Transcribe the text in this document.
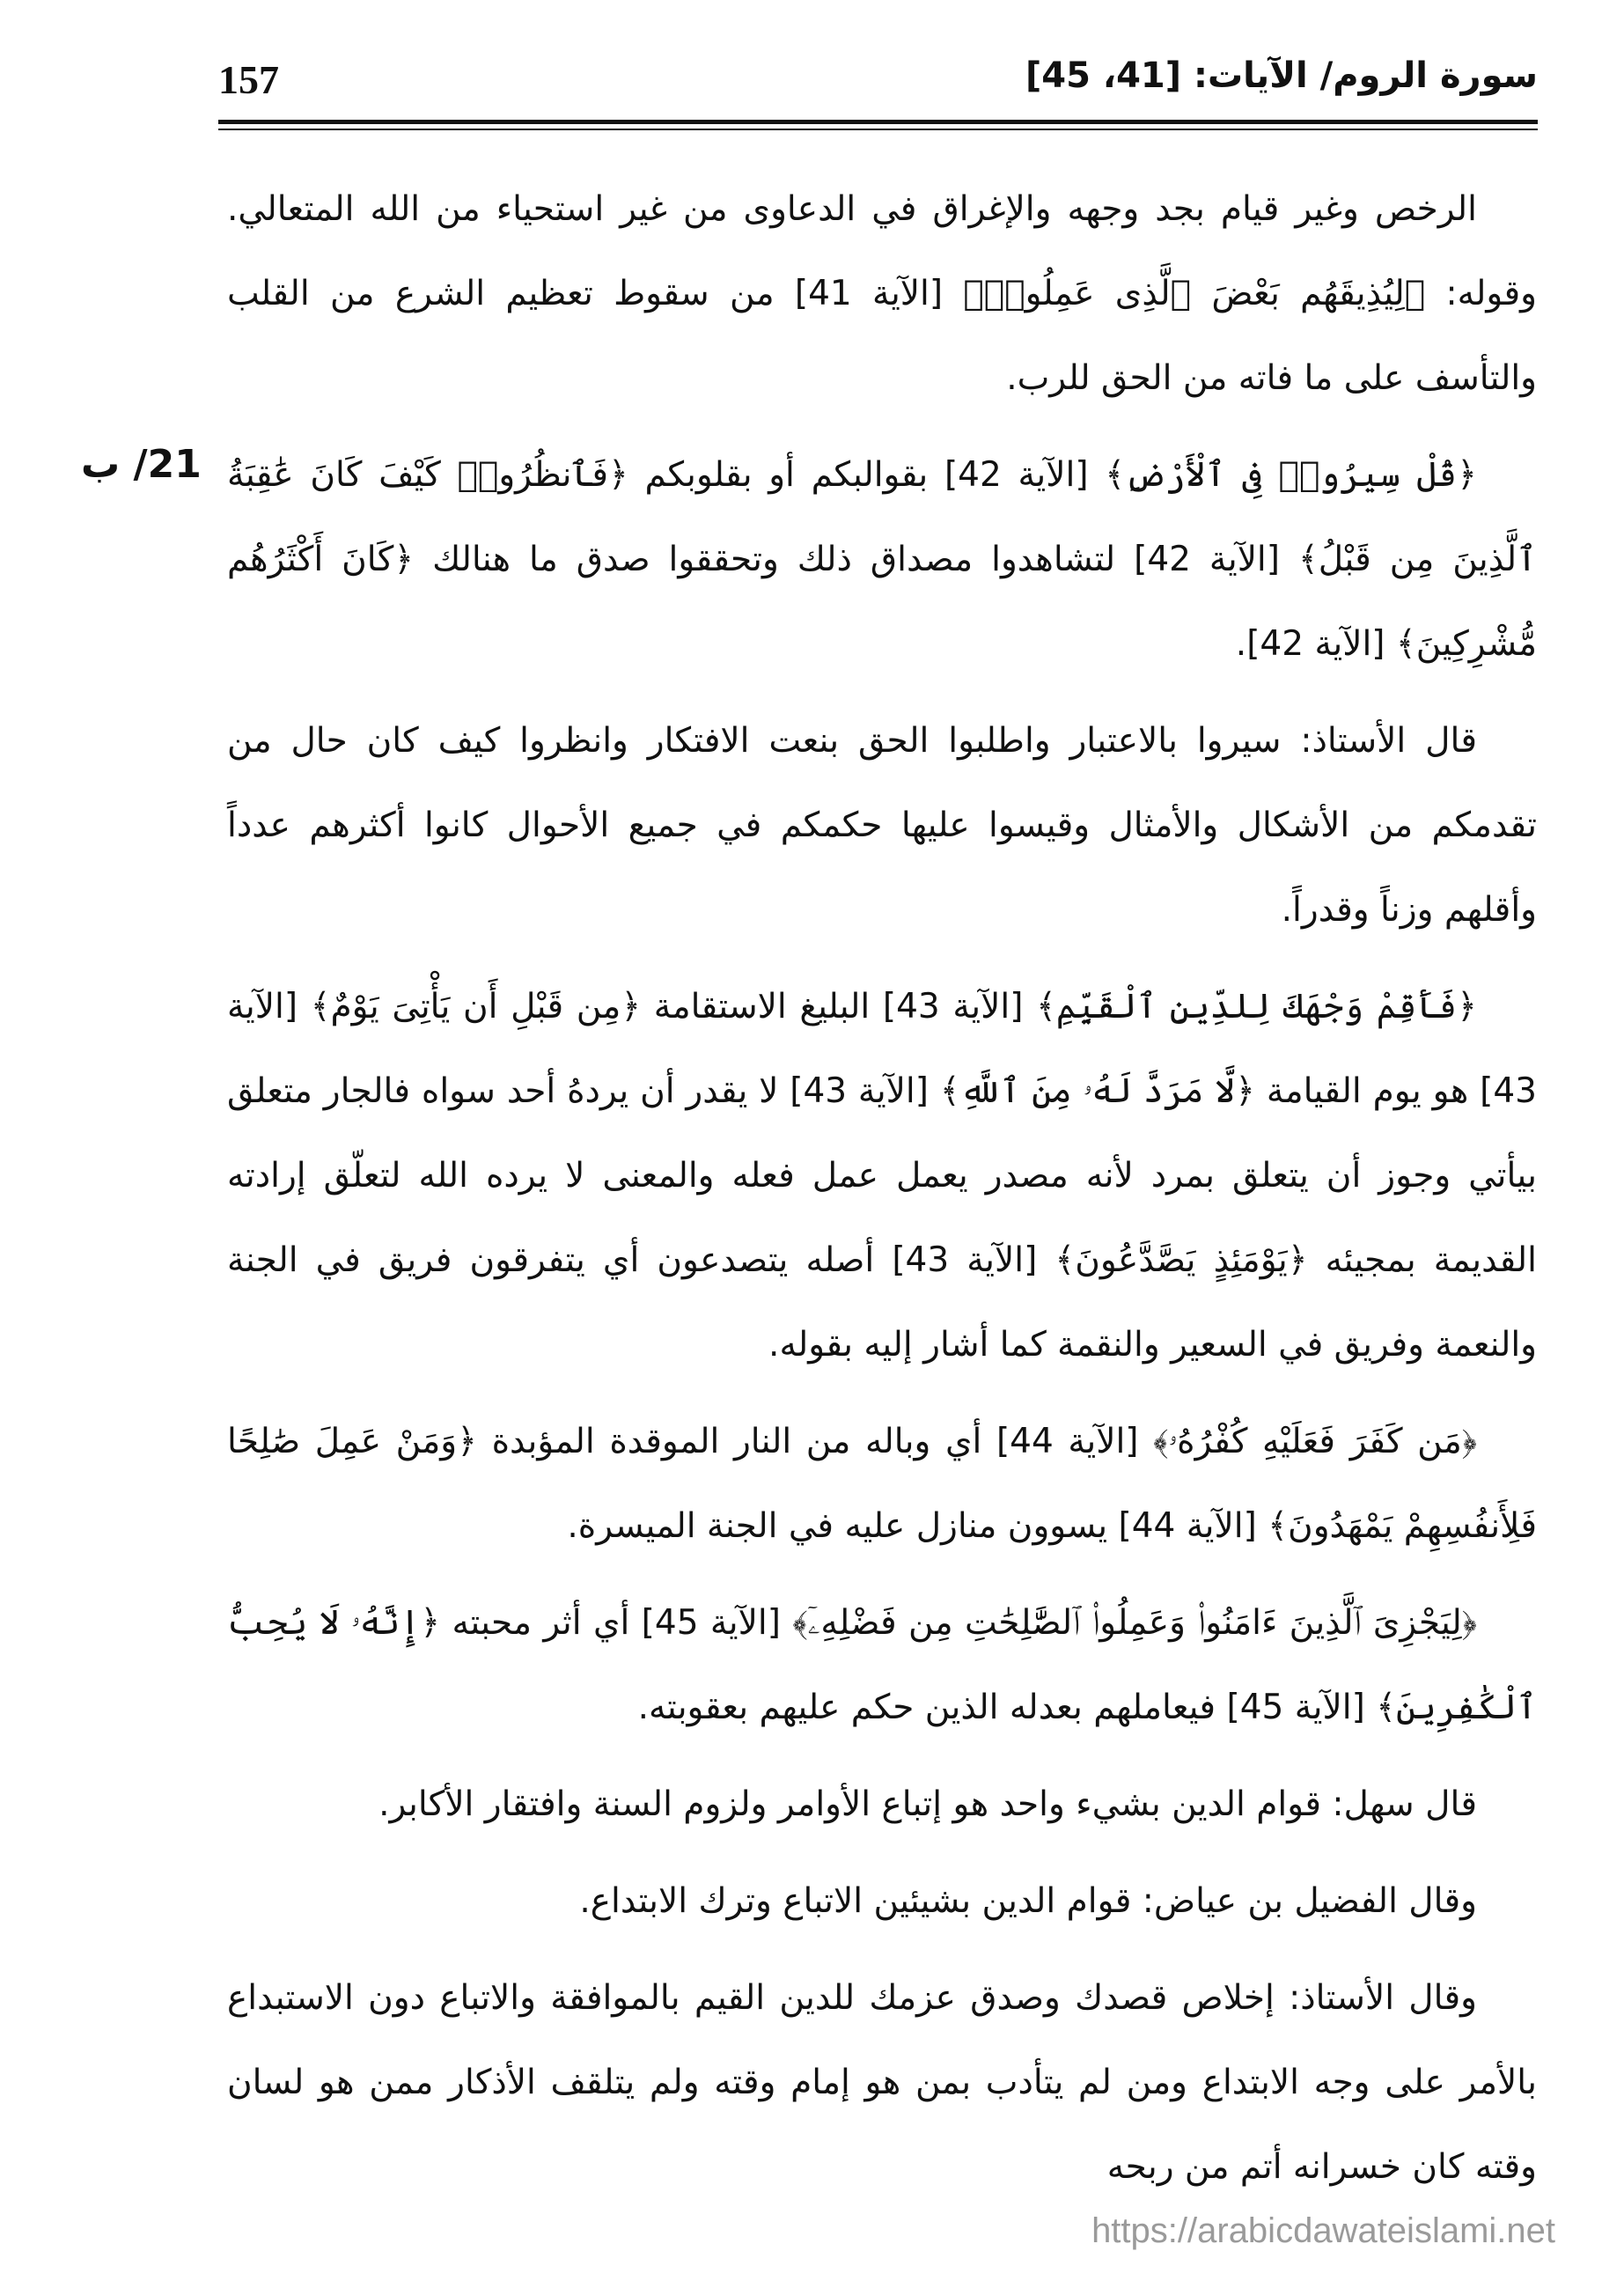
157	سورة الروم/ الآيات: [41، 45]
21/ ب

الرخص وغير قيام بجد وجهه والإغراق في الدعاوى من غير استحياء من الله المتعالي. وقوله: ﴿لِيُذِيقَهُم بَعْضَ ٱلَّذِى عَمِلُوا۟﴾ [الآية 41] من سقوط تعظيم الشرع من القلب والتأسف على ما فاته من الحق للرب.

﴿قُلْ سِيرُوا۟ فِى ٱلْأَرْضِ﴾ [الآية 42] بقوالبكم أو بقلوبكم ﴿فَٱنظُرُوا۟ كَيْفَ كَانَ عَٰقِبَةُ ٱلَّذِينَ مِن قَبْلُ﴾ [الآية 42] لتشاهدوا مصداق ذلك وتحققوا صدق ما هنالك ﴿كَانَ أَكْثَرُهُم مُّشْرِكِينَ﴾ [الآية 42].

قال الأستاذ: سيروا بالاعتبار واطلبوا الحق بنعت الافتكار وانظروا كيف كان حال من تقدمكم من الأشكال والأمثال وقيسوا عليها حكمكم في جميع الأحوال كانوا أكثرهم عدداً وأقلهم وزناً وقدراً.

﴿فَأَقِمْ وَجْهَكَ لِلدِّينِ ٱلْقَيِّمِ﴾ [الآية 43] البليغ الاستقامة ﴿مِن قَبْلِ أَن يَأْتِىَ يَوْمٌ﴾ [الآية 43] هو يوم القيامة ﴿لَّا مَرَدَّ لَهُۥ مِنَ ٱللَّهِ﴾ [الآية 43] لا يقدر أن يردهُ أحد سواه فالجار متعلق بيأتي وجوز أن يتعلق بمرد لأنه مصدر يعمل عمل فعله والمعنى لا يرده الله لتعلّق إرادته القديمة بمجيئه ﴿يَوْمَئِذٍ يَصَّدَّعُونَ﴾ [الآية 43] أصله يتصدعون أي يتفرقون فريق في الجنة والنعمة وفريق في السعير والنقمة كما أشار إليه بقوله.

﴿مَن كَفَرَ فَعَلَيْهِ كُفْرُهُۥ﴾ [الآية 44] أي وباله من النار الموقدة المؤبدة ﴿وَمَنْ عَمِلَ صَٰلِحًا فَلِأَنفُسِهِمْ يَمْهَدُونَ﴾ [الآية 44] يسوون منازل عليه في الجنة الميسرة.

﴿لِيَجْزِىَ ٱلَّذِينَ ءَامَنُوا۟ وَعَمِلُوا۟ ٱلصَّٰلِحَٰتِ مِن فَضْلِهِۦٓ﴾ [الآية 45] أي أثر محبته ﴿إِنَّهُۥ لَا يُحِبُّ ٱلْكَٰفِرِينَ﴾ [الآية 45] فيعاملهم بعدله الذين حكم عليهم بعقوبته.

قال سهل: قوام الدين بشيء واحد هو إتباع الأوامر ولزوم السنة وافتقار الأكابر.

وقال الفضيل بن عياض: قوام الدين بشيئين الاتباع وترك الابتداع.

وقال الأستاذ: إخلاص قصدك وصدق عزمك للدين القيم بالموافقة والاتباع دون الاستبداع بالأمر على وجه الابتداع ومن لم يتأدب بمن هو إمام وقته ولم يتلقف الأذكار ممن هو لسان وقته كان خسرانه أتم من ربحه

https://arabicdawateislami.net
